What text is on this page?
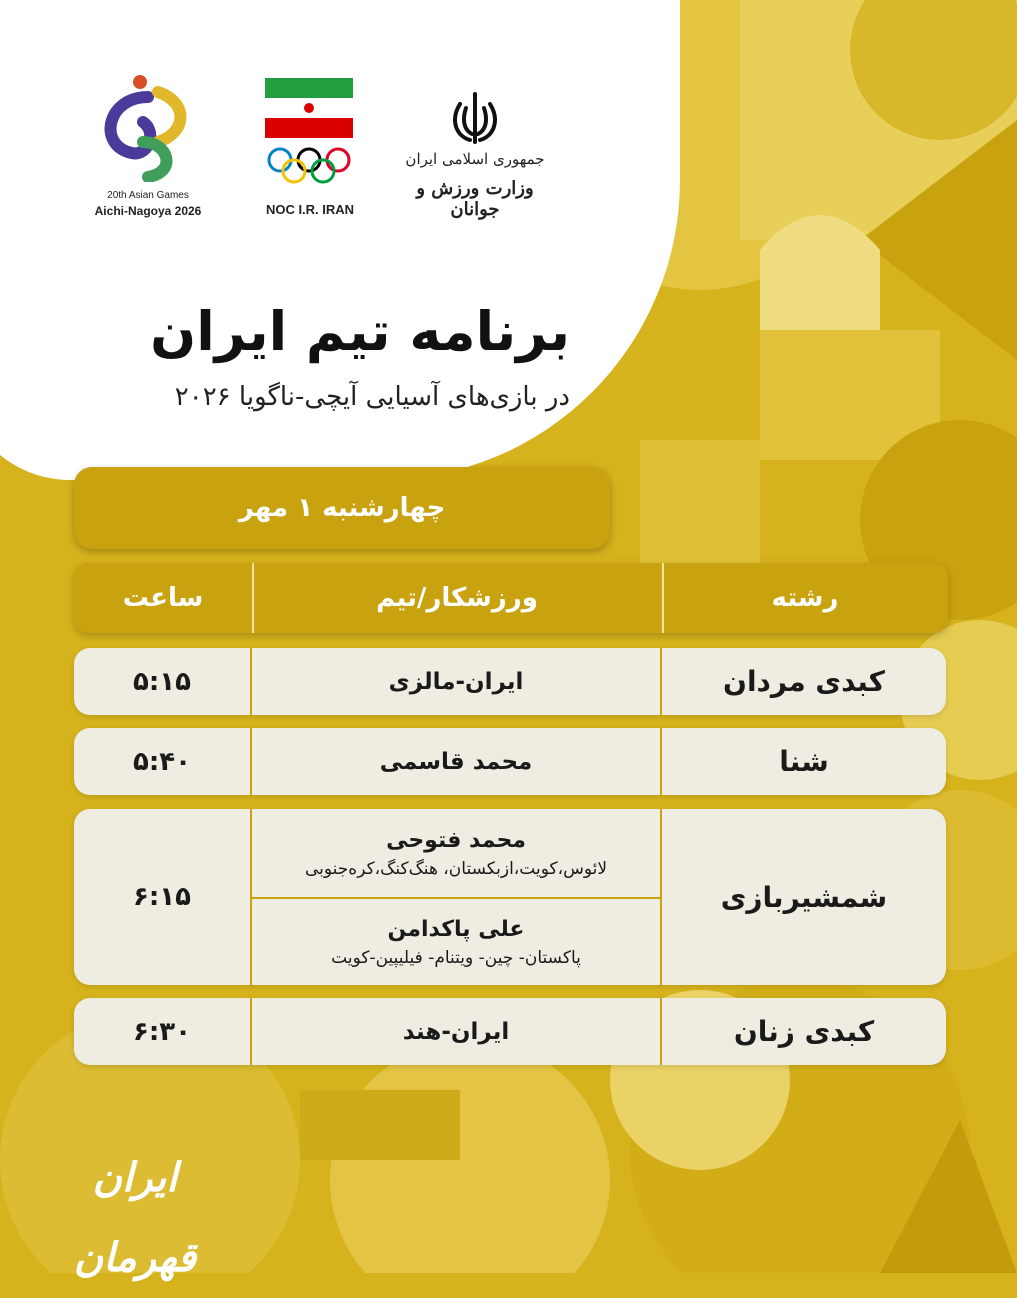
20th Asian Games
Aichi-Nagoya 2026	NOC I.R. IRAN
جمهوری اسلامی ایران
وزارت ورزش و جوانان
برنامه تیم ایران
در بازی‌های آسیایی آیچی-ناگویا ۲۰۲۶
چهارشنبه ۱ مهر
رشته
ورزشکار/تیم
ساعت
کبدی مردان
ایران-مالزی
۵:۱۵
شنا
محمد قاسمی
۵:۴۰
شمشیربازی
محمد فتوحی
لائوس،کویت،ازبکستان، هنگ‌کنگ،کره‌جنوبی
علی پاکدامن
پاکستان- چین- ویتنام- فیلیپین-کویت
۶:۱۵
کبدی زنان
ایران-هند
۶:۳۰
ایران قهرمان
